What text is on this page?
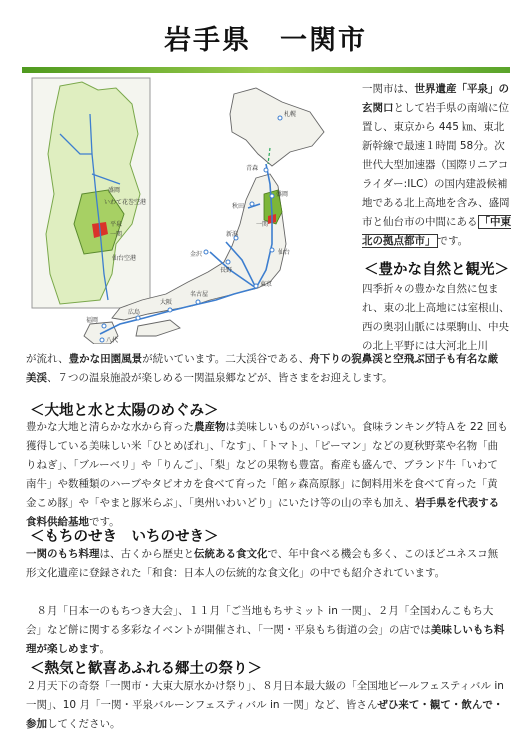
岩手県　一関市
盛岡
平泉
一関
仙台空港
いわて花巻空港
札幌
青森
盛岡
秋田
岩手県
仙台
一関
新潟
金沢
長野
東京
名古屋
大阪
広島
福岡
八代
一関市は、世界遺産「平泉」の玄関口として岩手県の南端に位置し、東京から 445 ㎞、東北新幹線で最速１時間 58分。次世代大型加速器（国際リニアコライダー:ILC）の国内建設候補地である北上高地を含み、盛岡市と仙台市の中間にある 「中東北の拠点都市」 です。
＜豊かな自然と観光＞
四季折々の豊かな自然に包まれ、東の北上高地には室根山、西の奥羽山脈には栗駒山、中央の北上平野には大河北上川
が流れ、豊かな田園風景が続いています。二大渓谷である、舟下りの猊鼻渓と空飛ぶ団子も有名な厳美渓、７つの温泉施設が楽しめる一関温泉郷などが、皆さまをお迎えします。
＜大地と水と太陽のめぐみ＞
豊かな大地と清らかな水から育った農産物は美味しいものがいっぱい。食味ランキング特Ａを 22 回も獲得している美味しい米「ひとめぼれ」、「なす」、「トマト」、「ピーマン」などの夏秋野菜や名物「曲りねぎ」、「ブルーベリ」や「りんご」、「梨」などの果物も豊富。畜産も盛んで、ブランド牛「いわて南牛」や数種類のハーブやタピオカを食べて育った「館ヶ森高原豚」に飼料用米を食べて育った「黄金こめ豚」や「やまと豚米らぶ」、「奥州いわいどり」にいたけ等の山の幸も加え、岩手県を代表する食料供給基地です。
＜もちのせき　いちのせき＞
一関のもち料理は、古くから歴史と伝統ある食文化で、年中食べる機会も多く、このほどユネスコ無形文化遺産に登録された「和食：日本人の伝統的な食文化」の中でも紹介されています。
８月「日本一のもちつき大会」、１１月「ご当地もちサミット in 一関」、２月「全国わんこもち大会」など餅に関する多彩なイベントが開催され、「一関・平泉もち街道の会」の店では美味しいもち料理が楽しめます。
＜熱気と歓喜あふれる郷土の祭り＞
２月天下の奇祭「一関市・大東大原水かけ祭り」、８月日本最大級の「全国地ビールフェスティバル in 一関」、10 月「一関・平泉バルーンフェスティバル in 一関」など、皆さんぜひ来て・観て・飲んで・参加してください。
